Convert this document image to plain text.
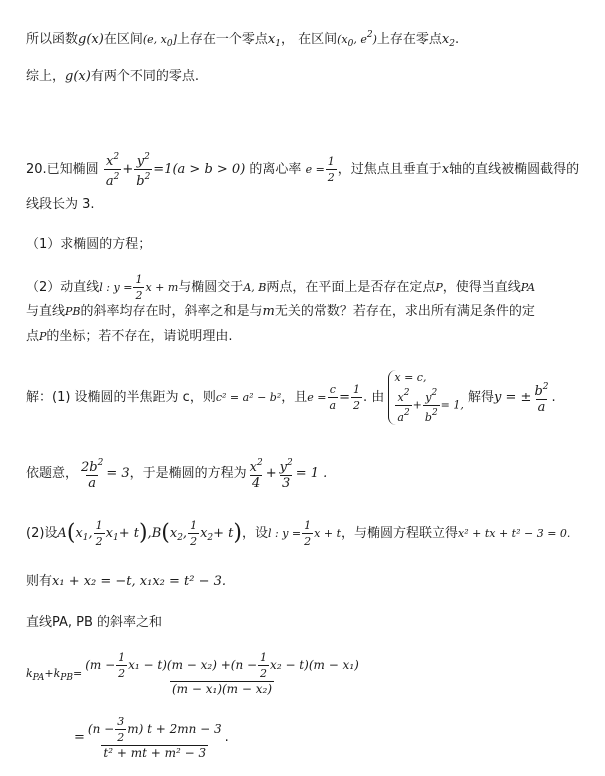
所以函数g(x)在区间(e, $x_0$]上存在一个零点$x_1$， 在区间($x_0$, $e^2$)上存在零点$x_2$.
综上，g(x)有两个不同的零点.
20.已知椭圆 $\frac{x^2}{a^2} + \frac{y^2}{b^2} =1(a > b > 0)$ 的离心率 $e = \frac{1}{2}$ ，过焦点且垂直于x轴的直线被椭圆截得的
线段长为 3.
（1）求椭圆的方程；
（2）动直线l : $y = \frac{1}{2}$ x + m与椭圆交于A, B两点，在平面上是否存在定点P，使得当直线PA
与直线PB的斜率均存在时，斜率之和是与m无关的常数？若存在，求出所有满足条件的定
点P的坐标；若不存在，请说明理由.
解：(1) 设椭圆的半焦距为 c，则c² = a² − b²，且$e = \frac{c}{a} = \frac{1}{2}$ . 由
x = c,
$\frac{x^2}{a^2} + \frac{y^2}{b^2} = 1$, 解得y = ± $\frac{b^2}{a}$ .
依题意， $\frac{2b^2}{a} = 3$，于是椭圆的方程为 $\frac{x^2}{4} + \frac{y^2}{3} = 1$ .
(2)设$A(x_1$, $\frac{1}{2} x_1+ t),B(x_2$, $\frac{1}{2} x_2+ t$)，设l : $y = \frac{1}{2}$ x + t，与椭圆方程联立得x² + tx + t² − 3 = 0.
则有x₁ + x₂ = −t, x₁x₂ = t² − 3.
直线PA, PB 的斜率之和
$k_{PA}+k_{PB}= \frac{(m - \frac{1}{2} x_1 - t)(m - x_2) +(n - \frac{1}{2} x_2 - t)(m - x_1)}{\text{(m − x₁)(m − x₂)}}$
= $\frac{(n - \frac{3}{2} m) t + 2mn - 3}{\text{t² + mt + m² − 3}}$ .
